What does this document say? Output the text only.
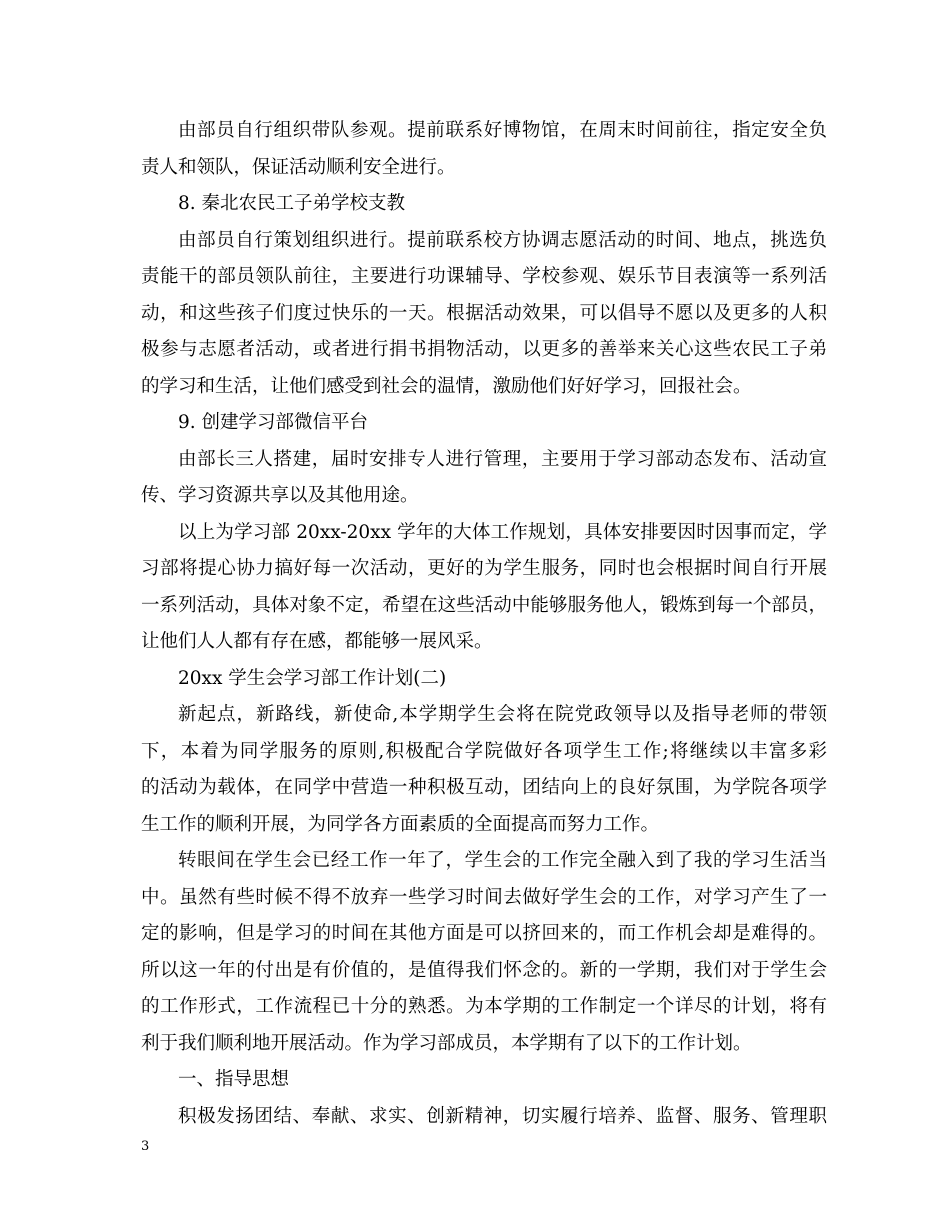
由部员自行组织带队参观。提前联系好博物馆，在周末时间前往，指定安全负
责人和领队，保证活动顺利安全进行。
8. 秦北农民工子弟学校支教
由部员自行策划组织进行。提前联系校方协调志愿活动的时间、地点，挑选负
责能干的部员领队前往，主要进行功课辅导、学校参观、娱乐节目表演等一系列活
动，和这些孩子们度过快乐的一天。根据活动效果，可以倡导不愿以及更多的人积
极参与志愿者活动，或者进行捐书捐物活动，以更多的善举来关心这些农民工子弟
的学习和生活，让他们感受到社会的温情，激励他们好好学习，回报社会。
9. 创建学习部微信平台
由部长三人搭建，届时安排专人进行管理，主要用于学习部动态发布、活动宣
传、学习资源共享以及其他用途。
以上为学习部 20xx-20xx 学年的大体工作规划，具体安排要因时因事而定，学
习部将提心协力搞好每一次活动，更好的为学生服务，同时也会根据时间自行开展
一系列活动，具体对象不定，希望在这些活动中能够服务他人，锻炼到每一个部员，
让他们人人都有存在感，都能够一展风采。
20xx 学生会学习部工作计划(二)
新起点，新路线，新使命,本学期学生会将在院党政领导以及指导老师的带领
下，本着为同学服务的原则,积极配合学院做好各项学生工作;将继续以丰富多彩
的活动为载体，在同学中营造一种积极互动，团结向上的良好氛围，为学院各项学
生工作的顺利开展，为同学各方面素质的全面提高而努力工作。
转眼间在学生会已经工作一年了，学生会的工作完全融入到了我的学习生活当
中。虽然有些时候不得不放弃一些学习时间去做好学生会的工作，对学习产生了一
定的影响，但是学习的时间在其他方面是可以挤回来的，而工作机会却是难得的。
所以这一年的付出是有价值的，是值得我们怀念的。新的一学期，我们对于学生会
的工作形式，工作流程已十分的熟悉。为本学期的工作制定一个详尽的计划，将有
利于我们顺利地开展活动。作为学习部成员，本学期有了以下的工作计划。
一、指导思想
积极发扬团结、奉献、求实、创新精神，切实履行培养、监督、服务、管理职
3
